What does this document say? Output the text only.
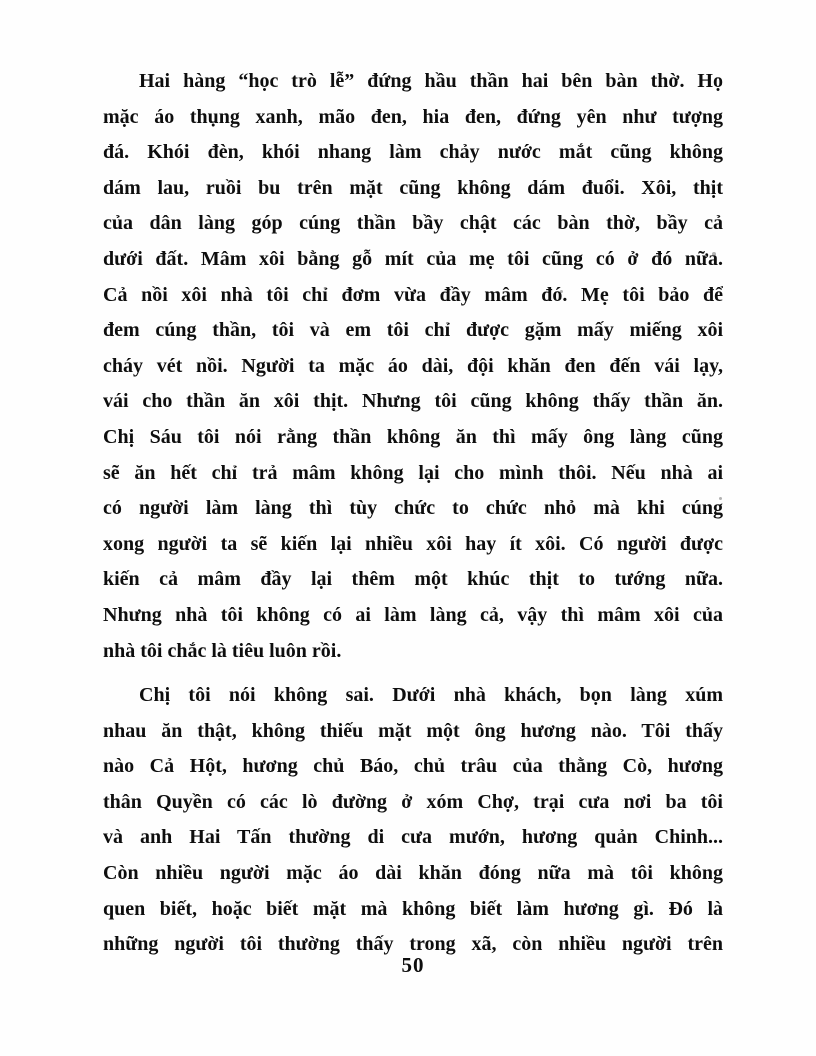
Hai hàng “học trò lễ” đứng hầu thần hai bên bàn thờ. Họ
mặc áo thụng xanh, mão đen, hia đen, đứng yên như tượng
đá. Khói đèn, khói nhang làm chảy nước mắt cũng không
dám lau, ruồi bu trên mặt cũng không dám đuổi. Xôi, thịt
của dân làng góp cúng thần bầy chật các bàn thờ, bầy cả
dưới đất. Mâm xôi bằng gỗ mít của mẹ tôi cũng có ở đó nữa.
Cả nồi xôi nhà tôi chỉ đơm vừa đầy mâm đó. Mẹ tôi bảo để
đem cúng thần, tôi và em tôi chỉ được gặm mấy miếng xôi
cháy vét nồi. Người ta mặc áo dài, đội khăn đen đến vái lạy,
vái cho thần ăn xôi thịt. Nhưng tôi cũng không thấy thần ăn.
Chị Sáu tôi nói rằng thần không ăn thì mấy ông làng cũng
sẽ ăn hết chỉ trả mâm không lại cho mình thôi. Nếu nhà ai
có người làm làng thì tùy chức to chức nhỏ mà khi cúng
xong người ta sẽ kiến lại nhiều xôi hay ít xôi. Có người được
kiến cả mâm đầy lại thêm một khúc thịt to tướng nữa.
Nhưng nhà tôi không có ai làm làng cả, vậy thì mâm xôi của
nhà tôi chắc là tiêu luôn rồi.
Chị tôi nói không sai. Dưới nhà khách, bọn làng xúm
nhau ăn thật, không thiếu mặt một ông hương nào. Tôi thấy
nào Cả Hột, hương chủ Báo, chủ trâu của thằng Cò, hương
thân Quyền có các lò đường ở xóm Chợ, trại cưa nơi ba tôi
và anh Hai Tấn thường di cưa mướn, hương quản Chinh...
Còn nhiều người mặc áo dài khăn đóng nữa mà tôi không
quen biết, hoặc biết mặt mà không biết làm hương gì. Đó là
những người tôi thường thấy trong xã, còn nhiều người trên
50
